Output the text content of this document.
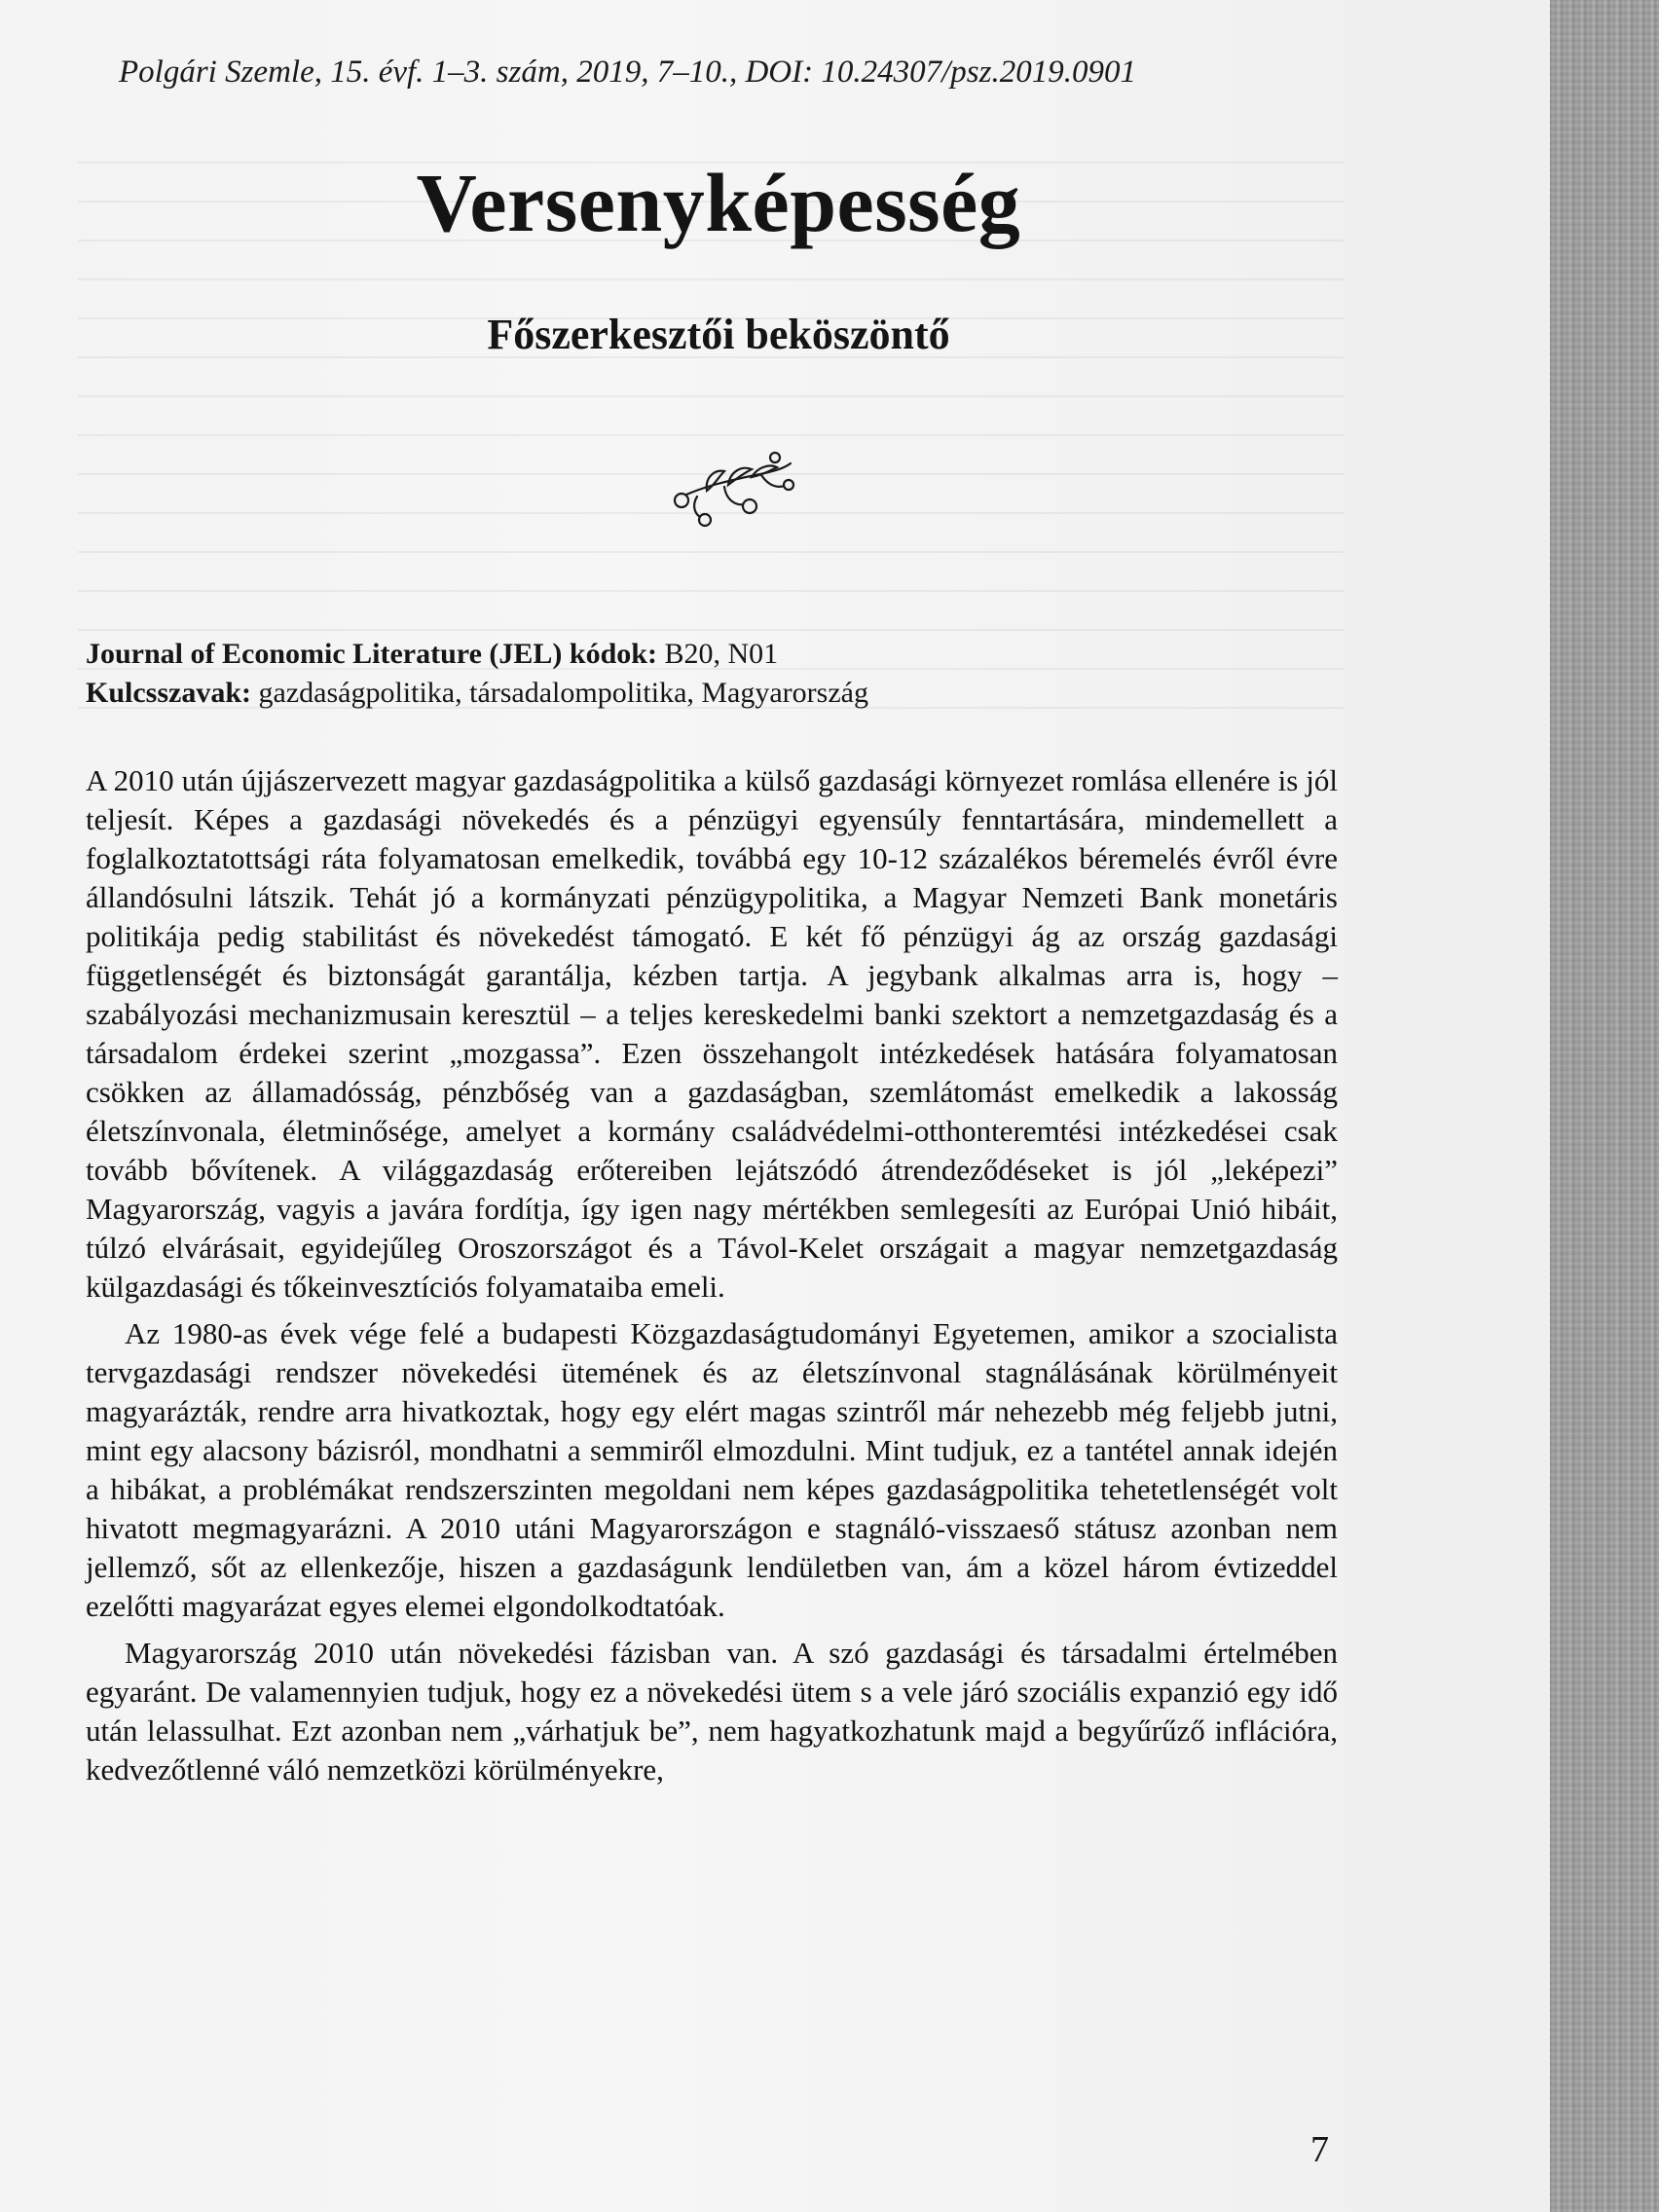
Polgári Szemle, 15. évf. 1–3. szám, 2019, 7–10., DOI: 10.24307/psz.2019.0901
Versenyképesség
Főszerkesztői beköszöntő
Journal of Economic Literature (JEL) kódok: B20, N01
Kulcsszavak: gazdaságpolitika, társadalompolitika, Magyarország

A 2010 után újjászervezett magyar gazdaságpolitika a külső gazdasági környezet romlása ellenére is jól teljesít. Képes a gazdasági növekedés és a pénzügyi egyensúly fenntartására, mindemellett a foglalkoztatottsági ráta folyamatosan emelkedik, továbbá egy 10-12 százalékos béremelés évről évre állandósulni látszik. Tehát jó a kormányzati pénzügypolitika, a Magyar Nemzeti Bank monetáris politikája pedig stabilitást és növekedést támogató. E két fő pénzügyi ág az ország gazdasági függetlenségét és biztonságát garantálja, kézben tartja. A jegybank alkalmas arra is, hogy – szabályozási mechanizmusain keresztül – a teljes kereskedelmi banki szektort a nemzetgazdaság és a társadalom érdekei szerint „mozgassa”. Ezen összehangolt intézkedések hatására folyamatosan csökken az államadósság, pénzbőség van a gazdaságban, szemlátomást emelkedik a lakosság életszínvonala, életminősége, amelyet a kormány családvédelmi-otthonteremtési intézkedései csak tovább bővítenek. A világgazdaság erőtereiben lejátszódó átrendeződéseket is jól „leképezi” Magyarország, vagyis a javára fordítja, így igen nagy mértékben semlegesíti az Európai Unió hibáit, túlzó elvárásait, egyidejűleg Oroszországot és a Távol-Kelet országait a magyar nemzetgazdaság külgazdasági és tőkeinvesztíciós folyamataiba emeli.

Az 1980-as évek vége felé a budapesti Közgazdaságtudományi Egyetemen, amikor a szocialista tervgazdasági rendszer növekedési ütemének és az életszínvonal stagnálásának körülményeit magyarázták, rendre arra hivatkoztak, hogy egy elért magas szintről már nehezebb még feljebb jutni, mint egy alacsony bázisról, mondhatni a semmiről elmozdulni. Mint tudjuk, ez a tantétel annak idején a hibákat, a problémákat rendszerszinten megoldani nem képes gazdaságpolitika tehetetlenségét volt hivatott megmagyarázni. A 2010 utáni Magyarországon e stagnáló-visszaeső státusz azonban nem jellemző, sőt az ellenkezője, hiszen a gazdaságunk lendületben van, ám a közel három évtizeddel ezelőtti magyarázat egyes elemei elgondolkodtatóak.

Magyarország 2010 után növekedési fázisban van. A szó gazdasági és társadalmi értelmében egyaránt. De valamennyien tudjuk, hogy ez a növekedési ütem s a vele járó szociális expanzió egy idő után lelassulhat. Ezt azonban nem „várhatjuk be”, nem hagyatkozhatunk majd a begyűrűző inflációra, kedvezőtlenné váló nemzetközi körülményekre,

7
